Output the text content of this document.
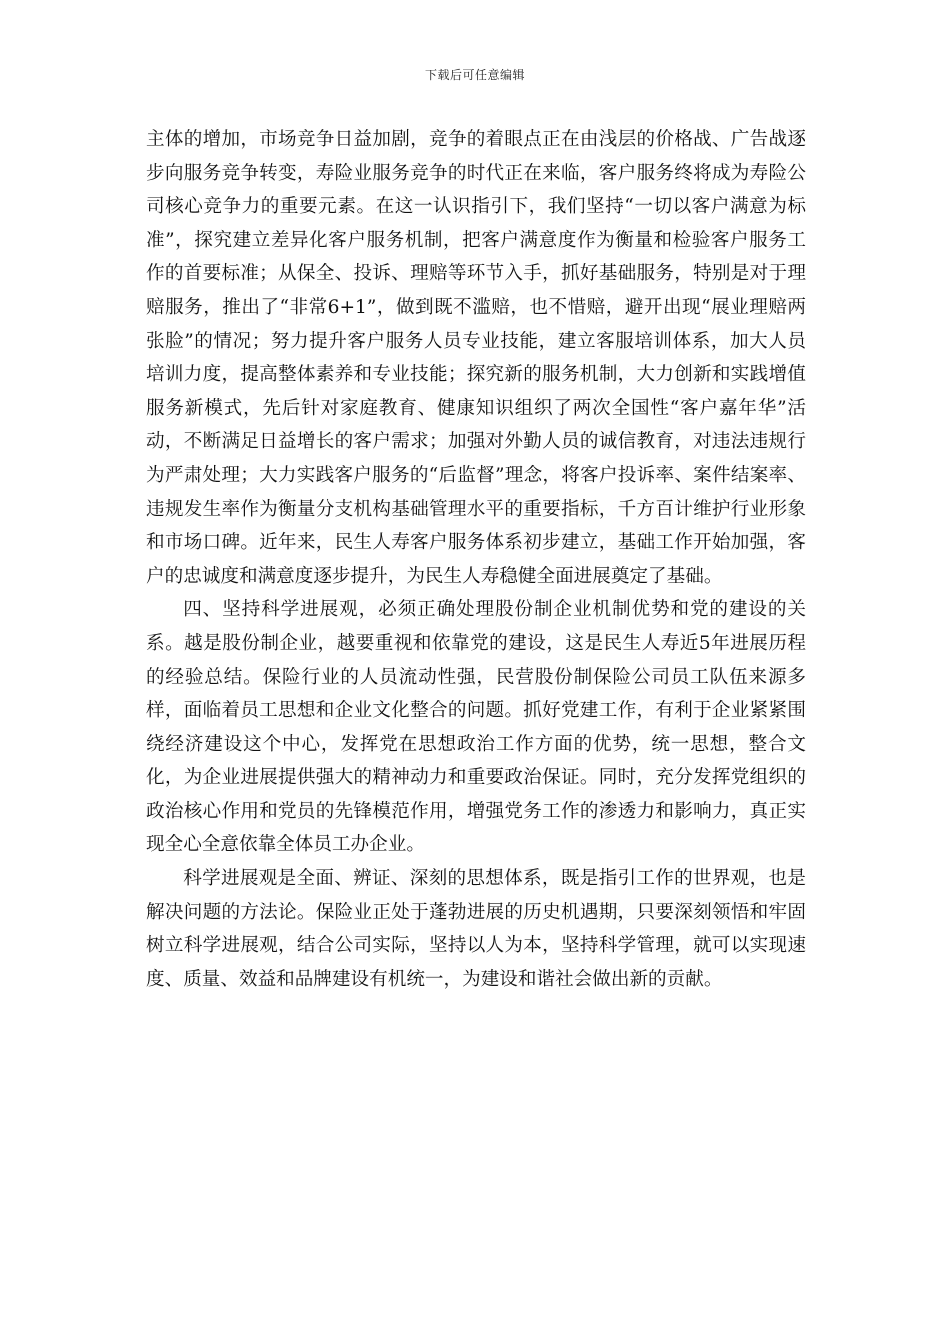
下载后可任意编辑

主体的增加，市场竞争日益加剧，竞争的着眼点正在由浅层的价格战、广告战逐步向服务竞争转变，寿险业服务竞争的时代正在来临，客户服务终将成为寿险公司核心竞争力的重要元素。在这一认识指引下，我们坚持“一切以客户满意为标准”，探究建立差异化客户服务机制，把客户满意度作为衡量和检验客户服务工作的首要标准；从保全、投诉、理赔等环节入手，抓好基础服务，特别是对于理赔服务，推出了“非常6+1”，做到既不滥赔，也不惜赔，避开出现“展业理赔两张脸”的情况；努力提升客户服务人员专业技能，建立客服培训体系，加大人员培训力度，提高整体素养和专业技能；探究新的服务机制，大力创新和实践增值服务新模式，先后针对家庭教育、健康知识组织了两次全国性“客户嘉年华”活动，不断满足日益增长的客户需求；加强对外勤人员的诚信教育，对违法违规行为严肃处理；大力实践客户服务的“后监督”理念，将客户投诉率、案件结案率、违规发生率作为衡量分支机构基础管理水平的重要指标，千方百计维护行业形象和市场口碑。近年来，民生人寿客户服务体系初步建立，基础工作开始加强，客户的忠诚度和满意度逐步提升，为民生人寿稳健全面进展奠定了基础。

四、坚持科学进展观，必须正确处理股份制企业机制优势和党的建设的关系。越是股份制企业，越要重视和依靠党的建设，这是民生人寿近5年进展历程的经验总结。保险行业的人员流动性强，民营股份制保险公司员工队伍来源多样，面临着员工思想和企业文化整合的问题。抓好党建工作，有利于企业紧紧围绕经济建设这个中心，发挥党在思想政治工作方面的优势，统一思想，整合文化，为企业进展提供强大的精神动力和重要政治保证。同时，充分发挥党组织的政治核心作用和党员的先锋模范作用，增强党务工作的渗透力和影响力，真正实现全心全意依靠全体员工办企业。

科学进展观是全面、辨证、深刻的思想体系，既是指引工作的世界观，也是解决问题的方法论。保险业正处于蓬勃进展的历史机遇期，只要深刻领悟和牢固树立科学进展观，结合公司实际，坚持以人为本，坚持科学管理，就可以实现速度、质量、效益和品牌建设有机统一，为建设和谐社会做出新的贡献。
